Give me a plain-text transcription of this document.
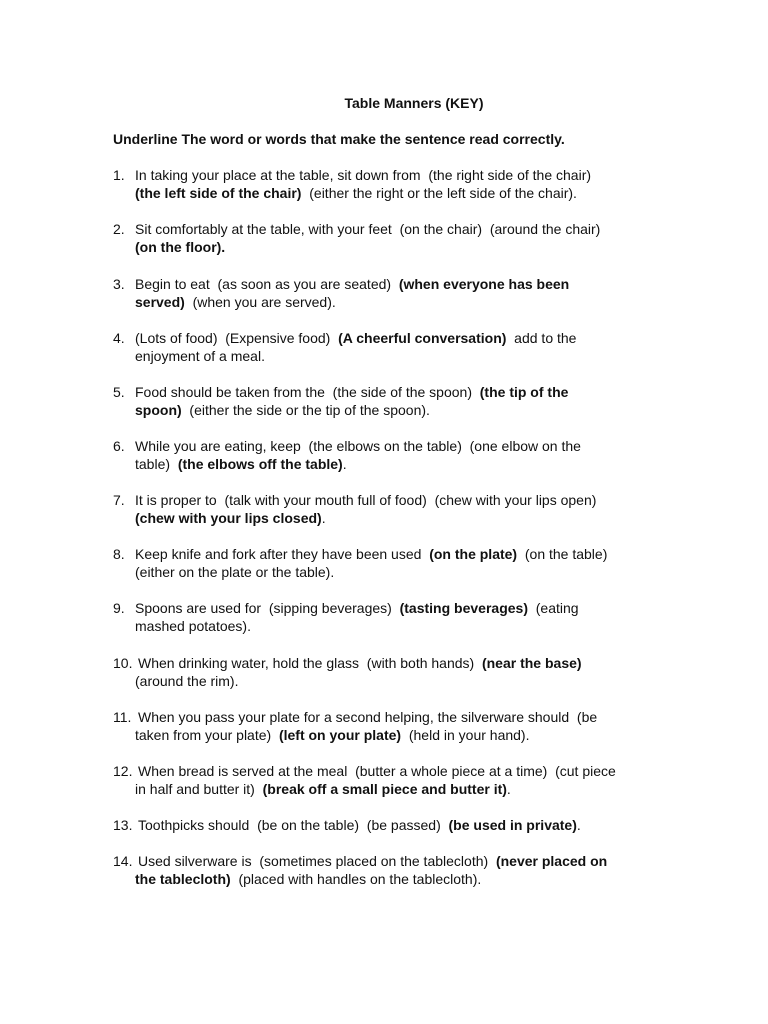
Table Manners (KEY)
Underline The word or words that make the sentence read correctly.
1. In taking your place at the table, sit down from  (the right side of the chair)
(the left side of the chair)  (either the right or the left side of the chair).
2. Sit comfortably at the table, with your feet  (on the chair)  (around the chair)
(on the floor).
3. Begin to eat  (as soon as you are seated)  (when everyone has been
served)  (when you are served).
4. (Lots of food)  (Expensive food)  (A cheerful conversation)  add to the
enjoyment of a meal.
5. Food should be taken from the  (the side of the spoon)  (the tip of the
spoon)  (either the side or the tip of the spoon).
6. While you are eating, keep  (the elbows on the table)  (one elbow on the
table)  (the elbows off the table).
7. It is proper to  (talk with your mouth full of food)  (chew with your lips open)
(chew with your lips closed).
8. Keep knife and fork after they have been used  (on the plate)  (on the table)
(either on the plate or the table).
9. Spoons are used for  (sipping beverages)  (tasting beverages)  (eating
mashed potatoes).
10. When drinking water, hold the glass  (with both hands)  (near the base)
(around the rim).
11. When you pass your plate for a second helping, the silverware should  (be
taken from your plate)  (left on your plate)  (held in your hand).
12. When bread is served at the meal  (butter a whole piece at a time)  (cut piece
in half and butter it)  (break off a small piece and butter it).
13. Toothpicks should  (be on the table)  (be passed)  (be used in private).
14. Used silverware is  (sometimes placed on the tablecloth)  (never placed on
the tablecloth)  (placed with handles on the tablecloth).
